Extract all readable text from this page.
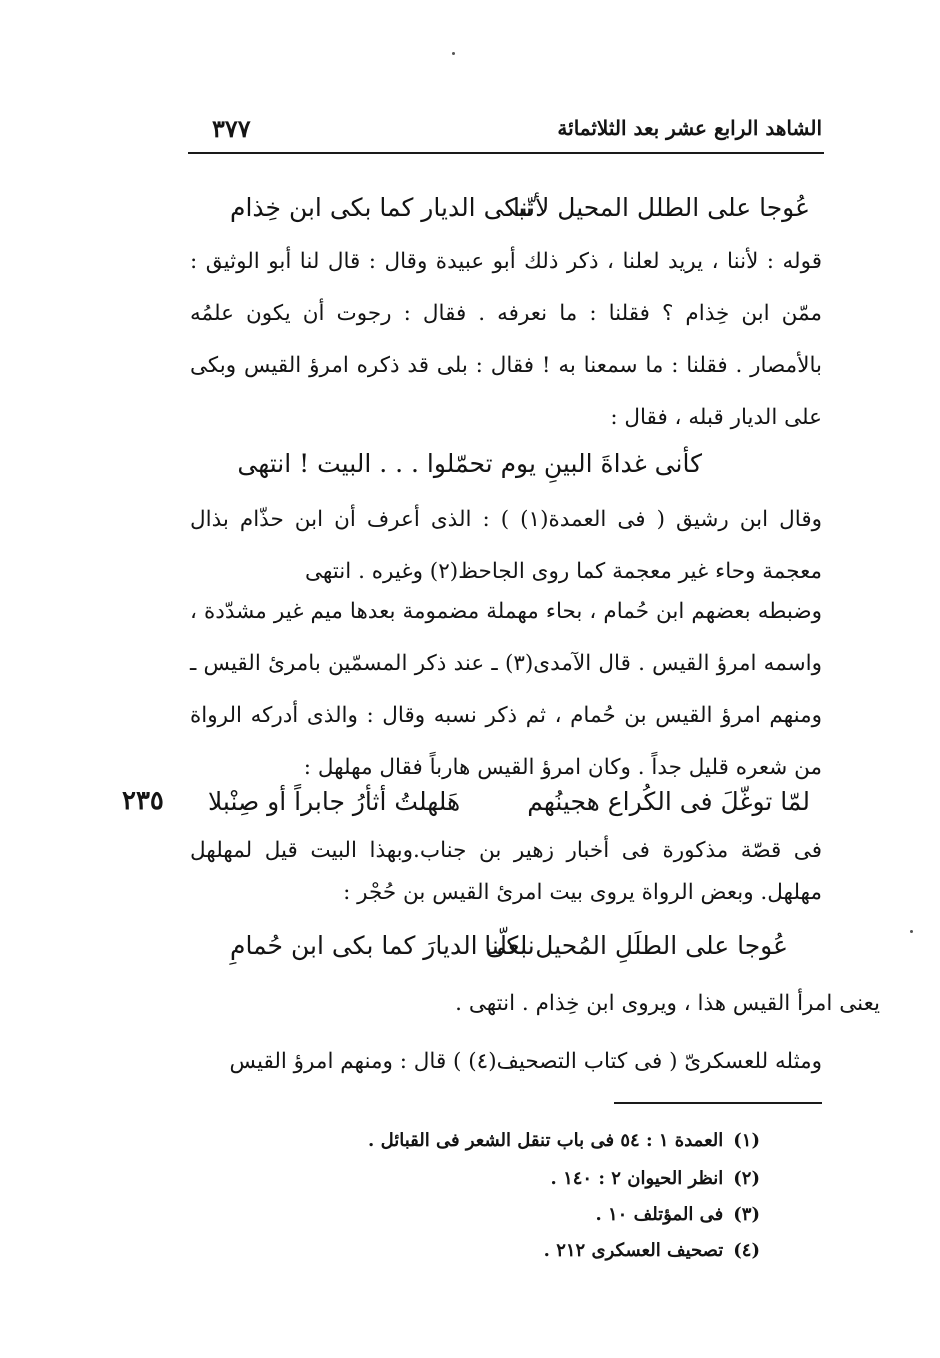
الشاهد الرابع عشر بعد الثلاثمائة
٣٧٧
عُوجا على الطلل المحيل لأنّنا
نبكى الديار كما بكى ابن خِذام
قوله : لأننا ، يريد لعلنا ، ذكر ذلك أبو عبيدة وقال : قال لنا أبو الوثيق : ممّن ابن خِذام ؟ فقلنا : ما نعرفه . فقال : رجوت أن يكون علمُه بالأمصار . فقلنا : ما سمعنا به ! فقال : بلى قد ذكره امرؤ القيس وبكى على الديار قبله ، فقال :
كأنى غداةَ البينِ يوم تحمّلوا . . . البيت ! انتهى
وقال ابن رشيق ( فى العمدة(١) ) : الذى أعرف أن ابن حذّام بذال معجمة وحاء غير معجمة كما روى الجاحظ(٢) وغيره . انتهى
وضبطه بعضهم ابن حُمام ، بحاء مهملة مضمومة بعدها ميم غير مشدّدة ، واسمه امرؤ القيس . قال الآمدى(٣) ـ عند ذكر المسمّين بامرئ القيس ـ ومنهم امرؤ القيس بن حُمام ، ثم ذكر نسبه وقال : والذى أدركه الرواة من شعره قليل جداً . وكان امرؤ القيس هارباً فقال مهلهل :
لمّا توغّلَ فى الكُراع هجينُهم
هَلهلتُ أثأرُ جابراً أو صِنْبلا
٢٣٥
فى قصّة مذكورة فى أخبار زهير بن جناب.وبهذا البيت قيل لمهلهل مهلهل. وبعض الرواة يروى بيت امرئ القيس بن حُجْر :
عُوجا على الطلَلِ المُحيل لعلّنا
نبكى الديارَ كما بكى ابن حُمامِ
يعنى امرأ القيس هذا ، ويروى ابن خِذام . انتهى .
ومثله للعسكرىّ ( فى كتاب التصحيف(٤) ) قال : ومنهم امرؤ القيس
(١)العمدة ١ : ٥٤ فى باب تنقل الشعر فى القبائل .
(٢)انظر الحيوان ٢ : ١٤٠ .
(٣)فى المؤتلف ١٠ .
(٤)تصحيف العسكرى ٢١٢ .
